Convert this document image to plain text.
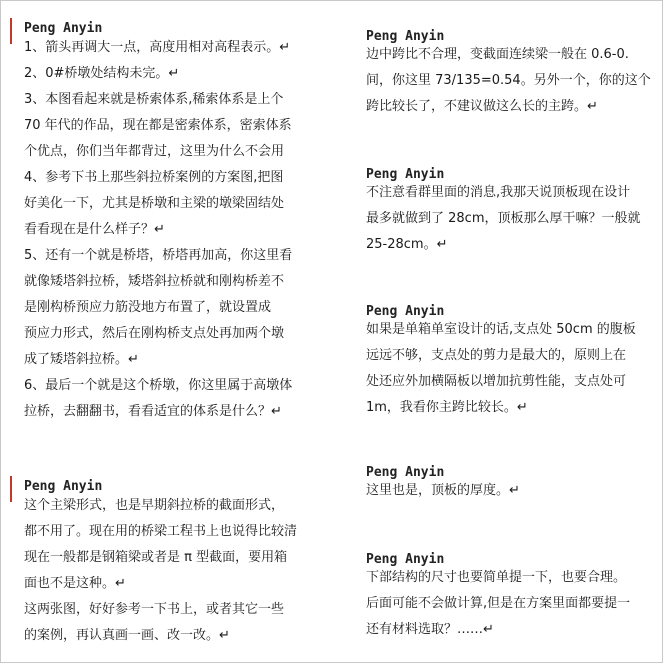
Peng Anyin
1、箭头再调大一点，高度用相对高程表示。↵
2、0#桥墩处结构未完。↵
3、本图看起来就是桥索体系,稀索体系是上个
70 年代的作品，现在都是密索体系，密索体系
个优点，你们当年都背过，这里为什么不会用
4、参考下书上那些斜拉桥案例的方案图,把图
好美化一下，尤其是桥墩和主梁的墩梁固结处
看看现在是什么样子？↵
5、还有一个就是桥塔，桥塔再加高，你这里看
就像矮塔斜拉桥，矮塔斜拉桥就和刚构桥差不
是刚构桥预应力筋没地方布置了，就设置成
预应力形式，然后在刚构桥支点处再加两个墩
成了矮塔斜拉桥。↵
6、最后一个就是这个桥墩，你这里属于高墩体
拉桥，去翻翻书，看看适宜的体系是什么？↵
Peng Anyin
这个主梁形式，也是早期斜拉桥的截面形式，
都不用了。现在用的桥梁工程书上也说得比较清
现在一般都是钢箱梁或者是 π 型截面，要用箱
面也不是这种。↵
这两张图，好好参考一下书上，或者其它一些
的案例，再认真画一画、改一改。↵
Peng Anyin
边中跨比不合理，变截面连续梁一般在 0.6-0.
间，你这里 73/135=0.54。另外一个，你的这个
跨比较长了，不建议做这么长的主跨。↵
Peng Anyin
不注意看群里面的消息,我那天说顶板现在设计
最多就做到了 28cm，顶板那么厚干嘛？一般就
25-28cm。↵
Peng Anyin
如果是单箱单室设计的话,支点处 50cm 的腹板
远远不够，支点处的剪力是最大的，原则上在
处还应外加横隔板以增加抗剪性能，支点处可
1m，我看你主跨比较长。↵
Peng Anyin
这里也是，顶板的厚度。↵
Peng Anyin
下部结构的尺寸也要简单提一下，也要合理。
后面可能不会做计算,但是在方案里面都要提一
还有材料选取？……↵
